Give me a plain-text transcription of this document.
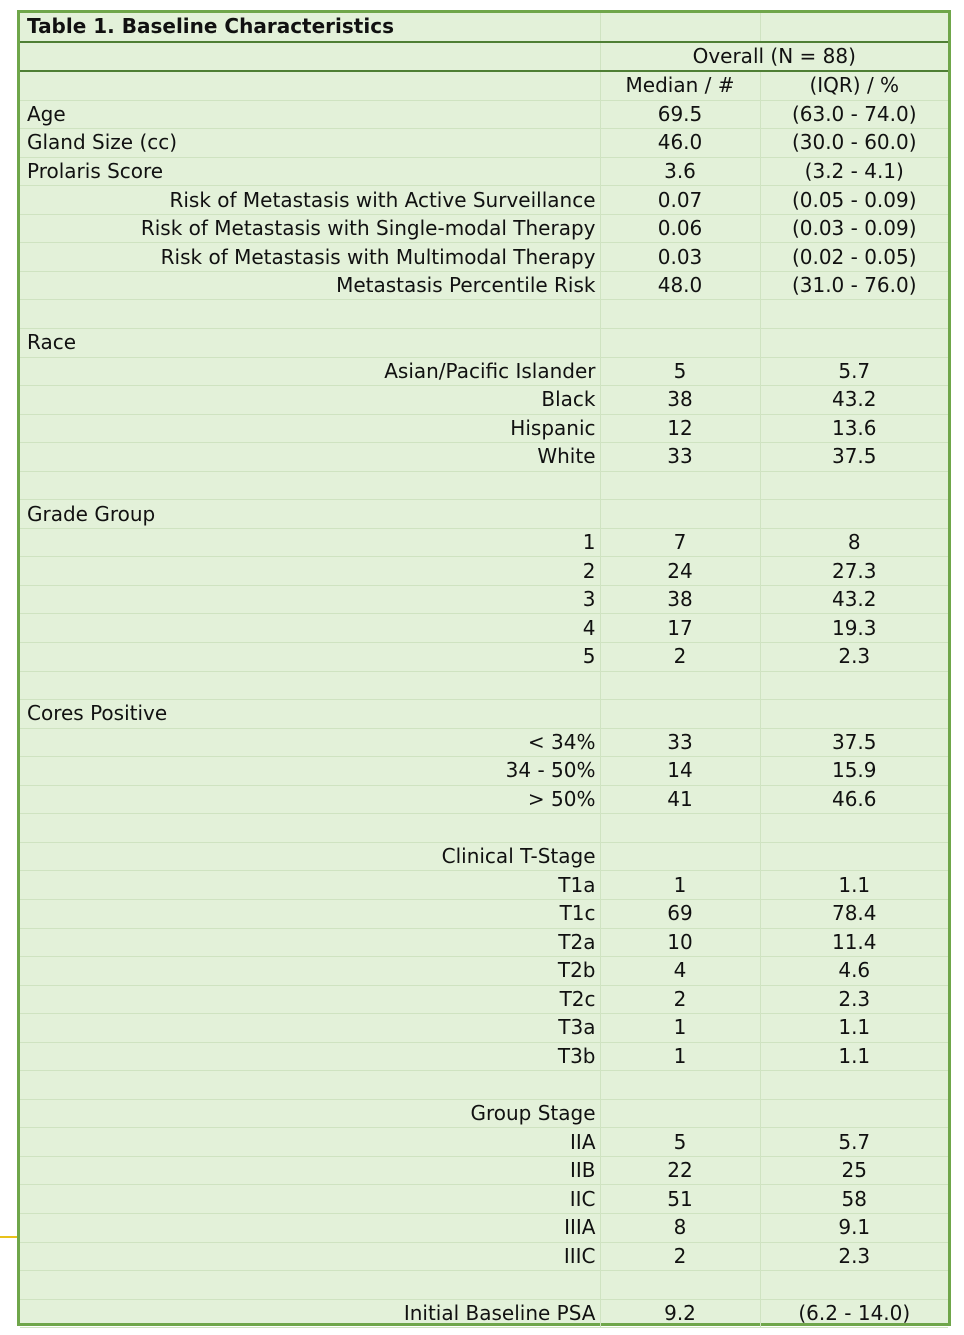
Table 1. Baseline Characteristics		
	Overall (N = 88)	
	Median / #	(IQR) / %
Age	69.5	(63.0 - 74.0)
Gland Size (cc)	46.0	(30.0 - 60.0)
Prolaris Score	3.6	(3.2 - 4.1)
Risk of Metastasis with Active Surveillance	0.07	(0.05 - 0.09)
Risk of Metastasis with Single-modal Therapy	0.06	(0.03 - 0.09)
Risk of Metastasis with Multimodal Therapy	0.03	(0.02 - 0.05)
Metastasis Percentile Risk	48.0	(31.0 - 76.0)

Race		
Asian/Pacific Islander	5	5.7
Black	38	43.2
Hispanic	12	13.6
White	33	37.5

Grade Group		
1	7	8
2	24	27.3
3	38	43.2
4	17	19.3
5	2	2.3

Cores Positive		
< 34%	33	37.5
34 - 50%	14	15.9
> 50%	41	46.6

Clinical T-Stage		
T1a	1	1.1
T1c	69	78.4
T2a	10	11.4
T2b	4	4.6
T2c	2	2.3
T3a	1	1.1
T3b	1	1.1

Group Stage		
IIA	5	5.7
IIB	22	25
IIC	51	58
IIIA	8	9.1
IIIC	2	2.3

Initial Baseline PSA	9.2	(6.2 - 14.0)
